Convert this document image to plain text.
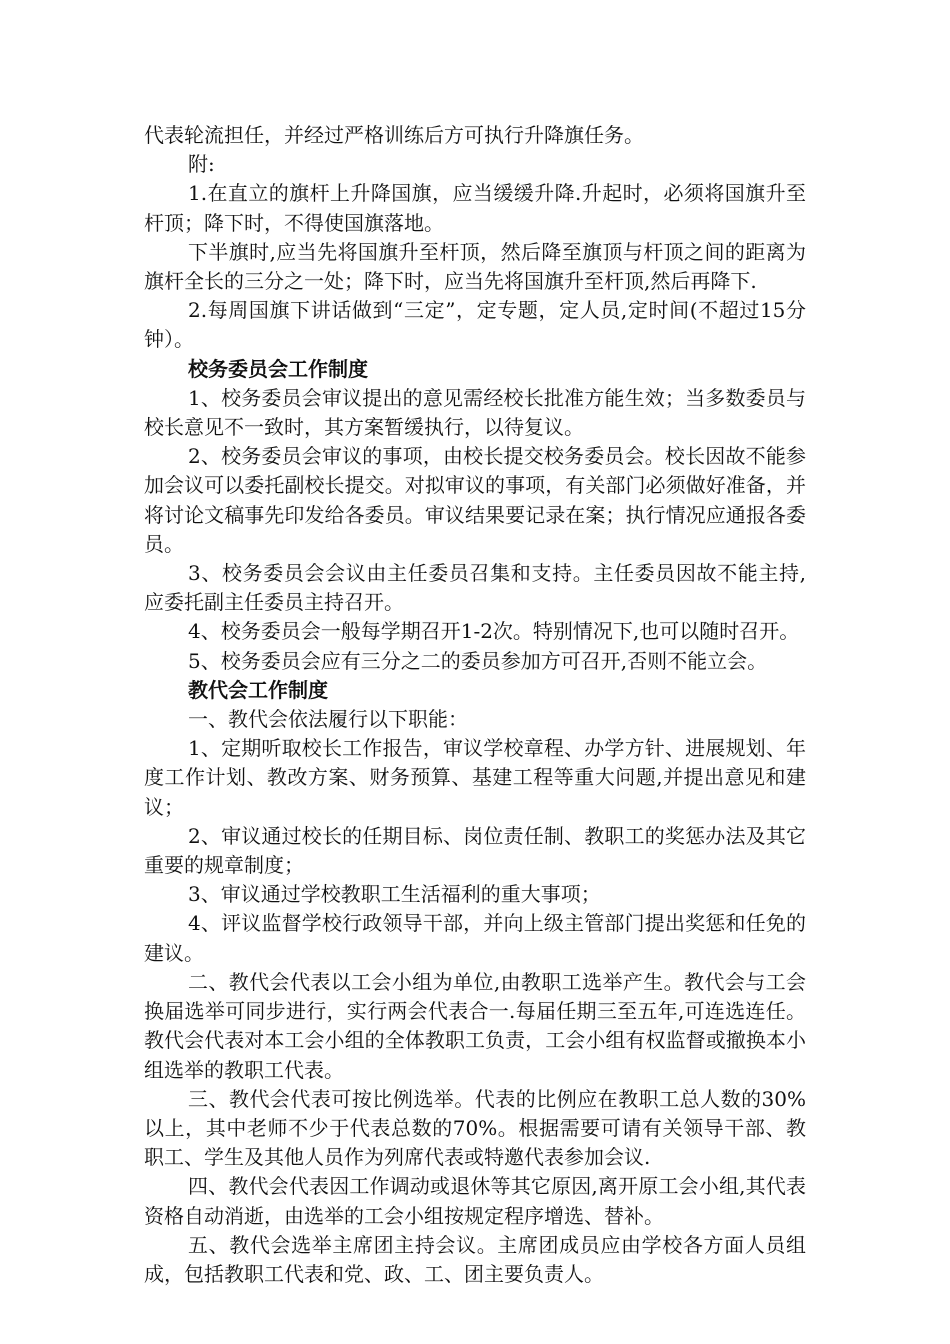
代表轮流担任，并经过严格训练后方可执行升降旗任务。

附:

1.在直立的旗杆上升降国旗，应当缓缓升降.升起时，必须将国旗升至杆顶；降下时，不得使国旗落地。

下半旗时,应当先将国旗升至杆顶，然后降至旗顶与杆顶之间的距离为旗杆全长的三分之一处；降下时，应当先将国旗升至杆顶,然后再降下.

2.每周国旗下讲话做到“三定”，定专题，定人员,定时间(不超过15分钟）。

校务委员会工作制度

1、校务委员会审议提出的意见需经校长批准方能生效；当多数委员与校长意见不一致时，其方案暂缓执行，以待复议。

2、校务委员会审议的事项，由校长提交校务委员会。校长因故不能参加会议可以委托副校长提交。对拟审议的事项，有关部门必须做好准备，并将讨论文稿事先印发给各委员。审议结果要记录在案；执行情况应通报各委员。

3、校务委员会会议由主任委员召集和支持。主任委员因故不能主持,应委托副主任委员主持召开。

4、校务委员会一般每学期召开1-2次。特别情况下,也可以随时召开。

5、校务委员会应有三分之二的委员参加方可召开,否则不能立会。

教代会工作制度

一、教代会依法履行以下职能：

1、定期听取校长工作报告，审议学校章程、办学方针、进展规划、年度工作计划、教改方案、财务预算、基建工程等重大问题,并提出意见和建议；

2、审议通过校长的任期目标、岗位责任制、教职工的奖惩办法及其它重要的规章制度；

3、审议通过学校教职工生活福利的重大事项；

4、评议监督学校行政领导干部，并向上级主管部门提出奖惩和任免的建议。

二、教代会代表以工会小组为单位,由教职工选举产生。教代会与工会换届选举可同步进行，实行两会代表合一.每届任期三至五年,可连选连任。教代会代表对本工会小组的全体教职工负责，工会小组有权监督或撤换本小组选举的教职工代表。

三、教代会代表可按比例选举。代表的比例应在教职工总人数的30%以上，其中老师不少于代表总数的70%。根据需要可请有关领导干部、教职工、学生及其他人员作为列席代表或特邀代表参加会议.

四、教代会代表因工作调动或退休等其它原因,离开原工会小组,其代表资格自动消逝，由选举的工会小组按规定程序增选、替补。

五、教代会选举主席团主持会议。主席团成员应由学校各方面人员组成，包括教职工代表和党、政、工、团主要负责人。
